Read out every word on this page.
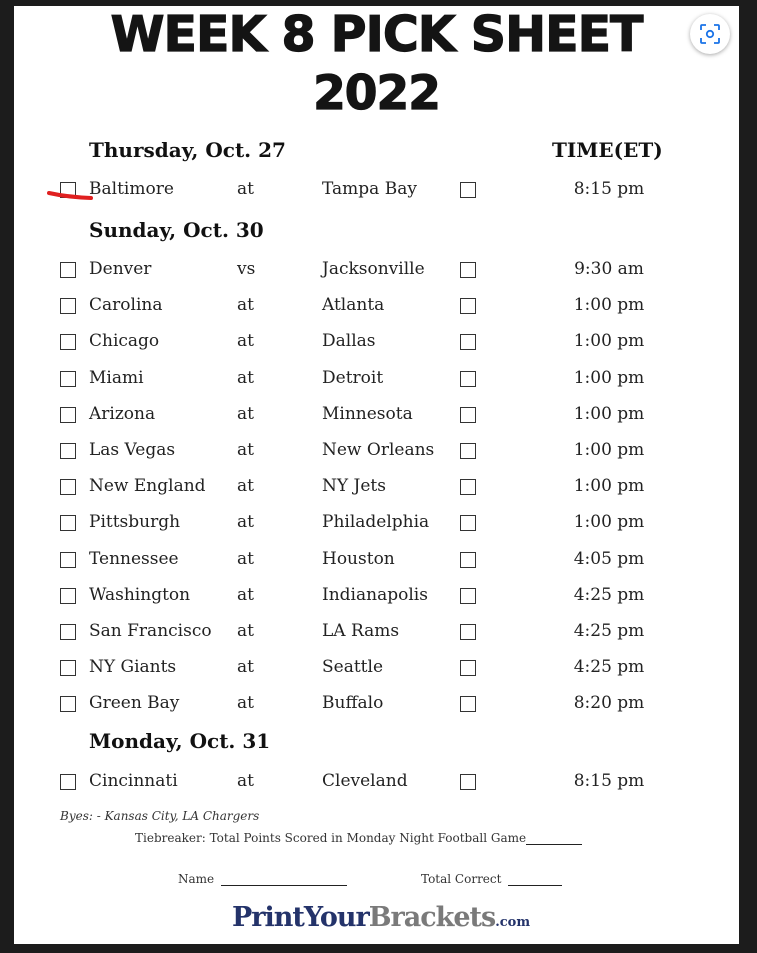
WEEK 8 PICK SHEET
2022
TIME(ET)
Thursday, Oct. 27
Baltimore	at	Tampa Bay	8:15 pm
Sunday, Oct. 30
Denver	vs	Jacksonville	9:30 am
Carolina	at	Atlanta	1:00 pm
Chicago	at	Dallas	1:00 pm
Miami	at	Detroit	1:00 pm
Arizona	at	Minnesota	1:00 pm
Las Vegas	at	New Orleans	1:00 pm
New England at	NY Jets	1:00 pm
Pittsburgh	at	Philadelphia	1:00 pm
Tennessee	at	Houston	4:05 pm
Washington	at	Indianapolis	4:25 pm
San Francisco at	LA Rams	4:25 pm
NY Giants	at	Seattle	4:25 pm
Green Bay	at	Buffalo	8:20 pm
Monday, Oct. 31
Cincinnati	at	Cleveland	8:15 pm
Byes: - Kansas City, LA Chargers
Tiebreaker: Total Points Scored in Monday Night Football Game
Name	Total Correct
PrintYourBrackets.com
